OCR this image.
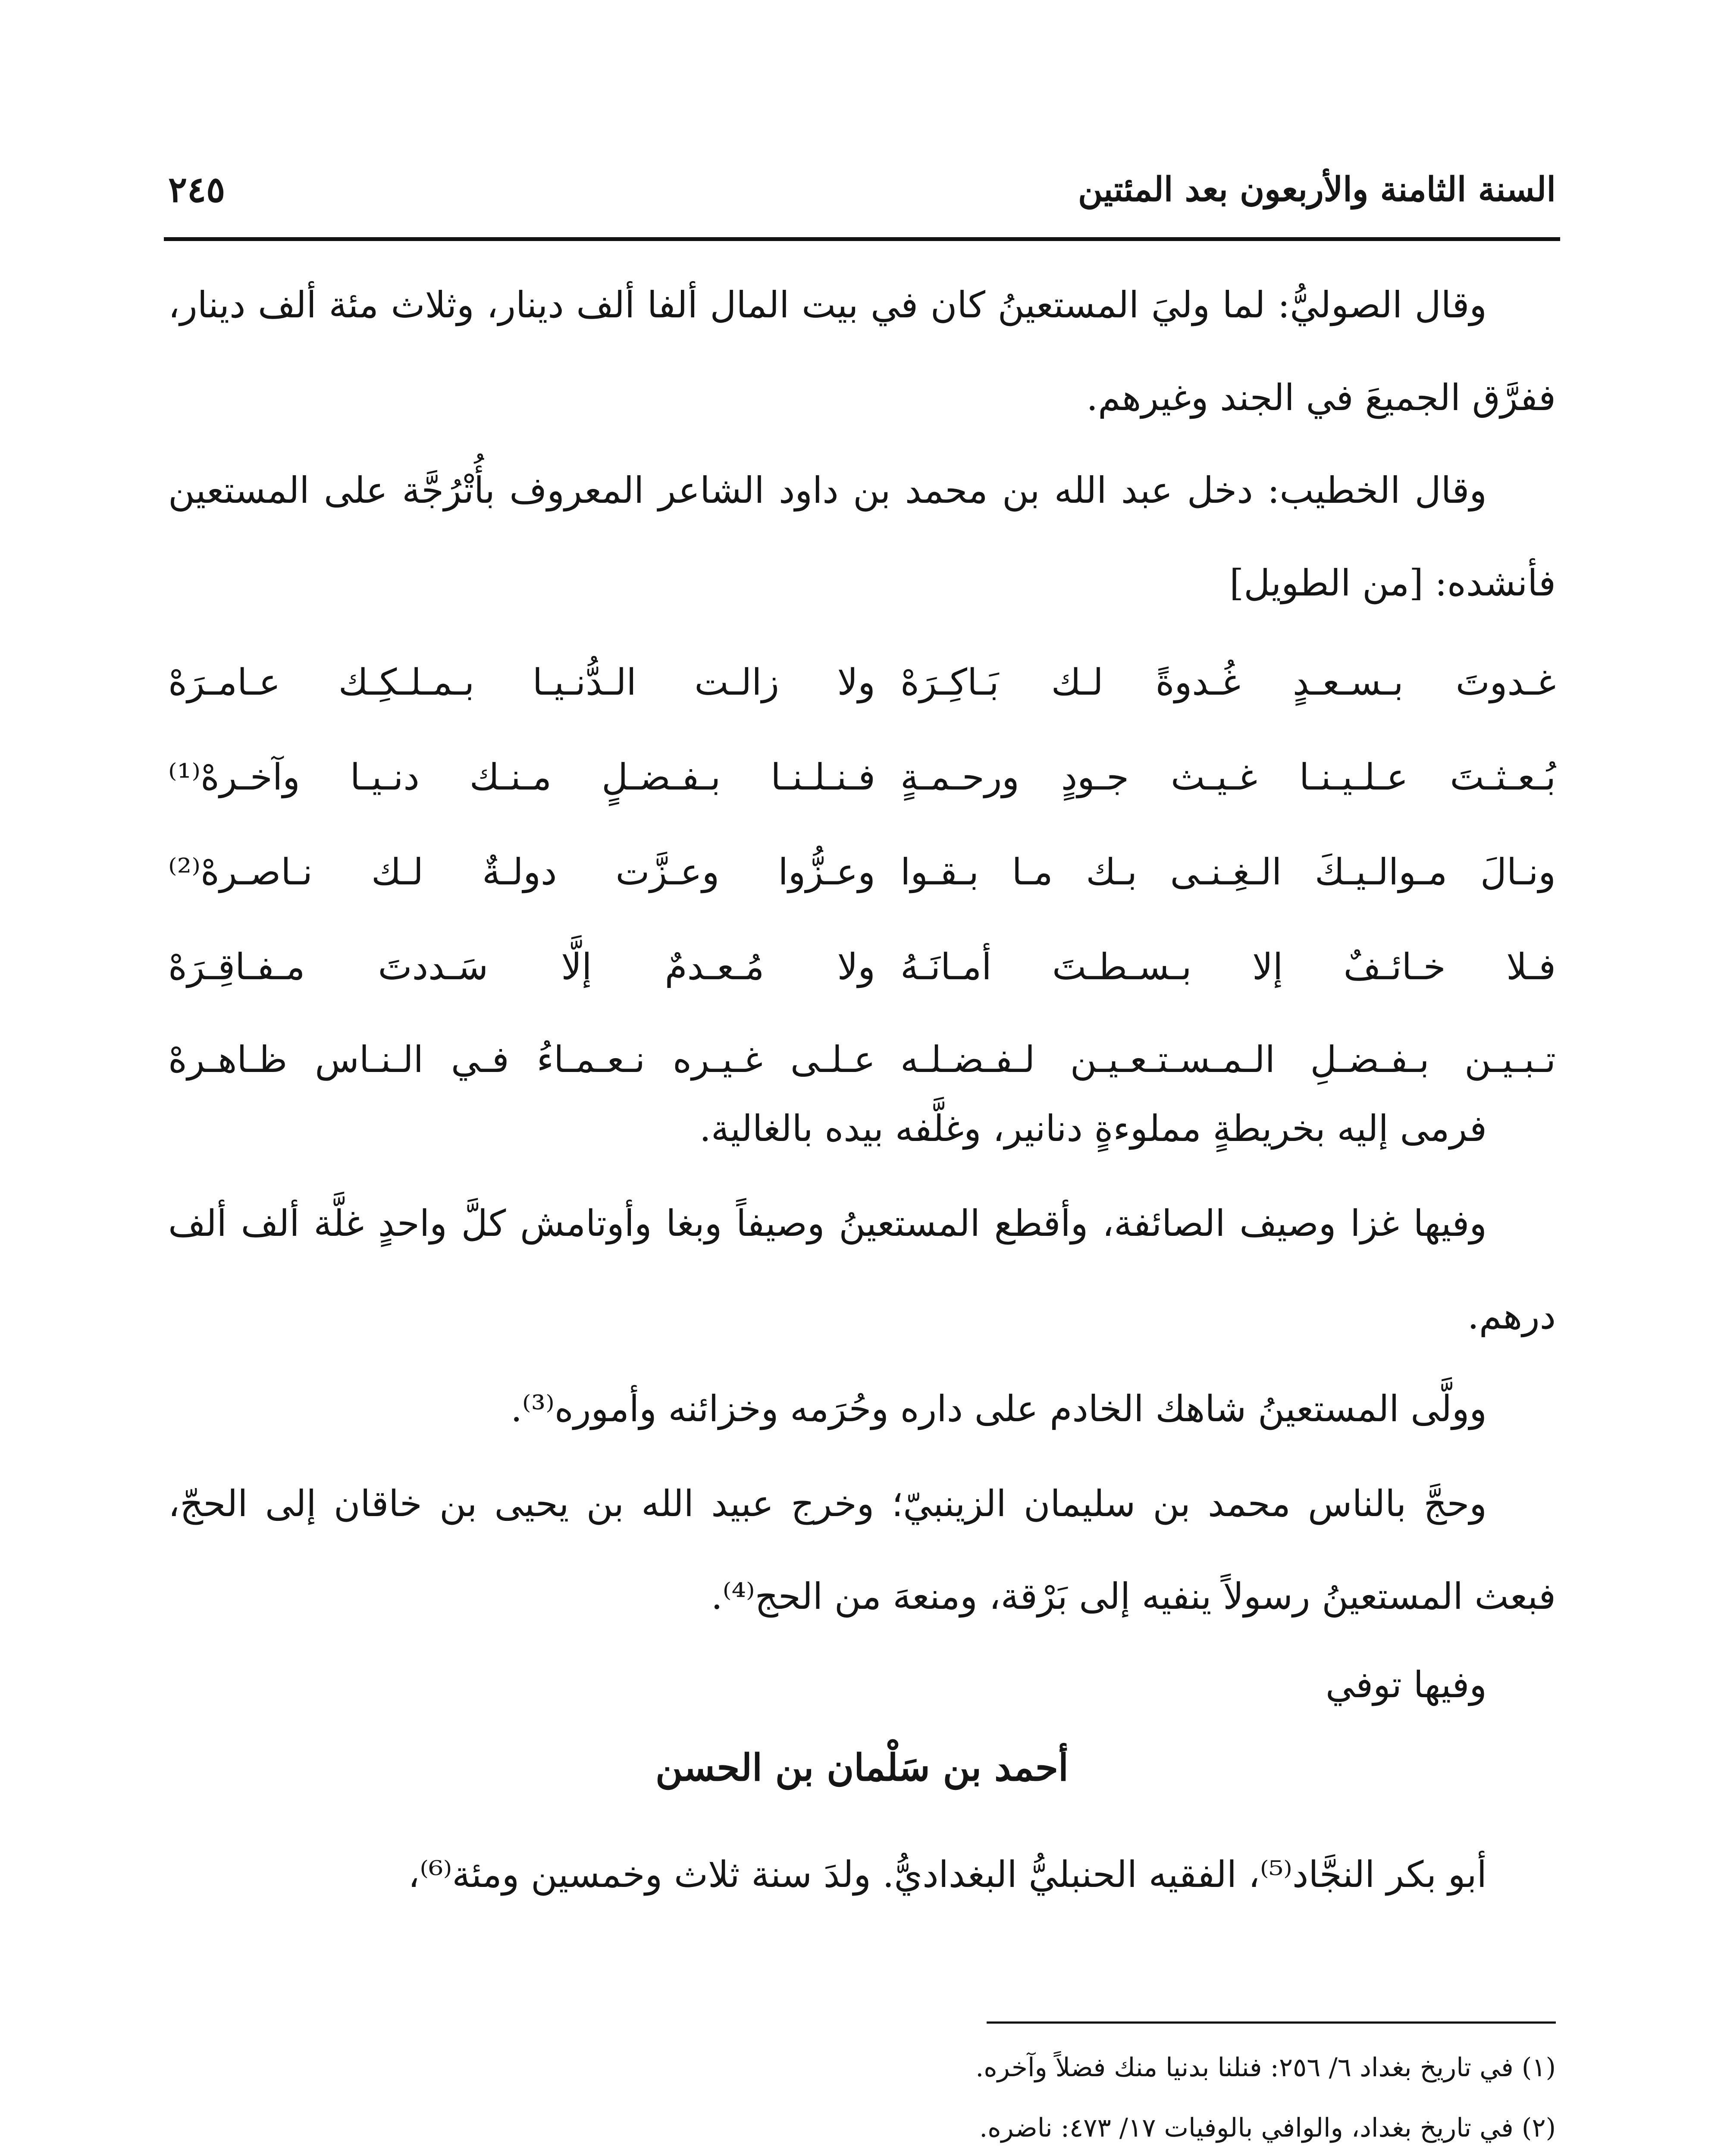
السنة الثامنة والأربعون بعد المئتين
٢٤٥

وقال الصوليُّ: لما وليَ المستعينُ كان في بيت المال ألفا ألف دينار، وثلاث مئة ألف دينار، ففرَّق الجميعَ في الجند وغيرهم.

وقال الخطيب: دخل عبد الله بن محمد بن داود الشاعر المعروف بأُتْرُجَّة على المستعين فأنشده: [من الطويل]

غـدوتَ بـسـعـدٍ غُـدوةً لـك بَـاكِـرَهْ
ولا زالـت الـدُّنـيـا بـمـلـكِـك عـامـرَهْ
بُـعـثـتَ عـلـيـنـا غـيـث جـودٍ ورحـمـةٍ
فـنـلـنـا بـفـضـلٍ مـنـك دنـيـا وآخـرهْ⁽¹⁾
ونـالَ مـوالـيـكَ الـغِـنـى بـك مـا بـقـوا
وعـزُّوا وعـزَّت دولـةٌ لـك نـاصـرهْ⁽²⁾
فـلا خـائـفٌ إلا بـسـطـتَ أمـانَـهُ
ولا مُـعـدمٌ إلَّا سَـددتَ مـفـاقِـرَهْ
تـبـيـن بـفـضـلِ الـمـسـتـعـيـن لـفـضـلـه
عـلـى غـيـره نـعـمـاءُ فـي الـنـاس ظـاهـرهْ

فرمى إليه بخريطةٍ مملوءةٍ دنانير، وغلَّفه بيده بالغالية.

وفيها غزا وصيف الصائفة، وأقطع المستعينُ وصيفاً وبغا وأوتامش كلَّ واحدٍ غلَّة ألف ألف درهم.

وولَّى المستعينُ شاهك الخادم على داره وحُرَمه وخزائنه وأموره⁽³⁾.

وحجَّ بالناس محمد بن سليمان الزينبيّ؛ وخرج عبيد الله بن يحيى بن خاقان إلى الحجّ، فبعث المستعينُ رسولاً ينفيه إلى بَرْقة، ومنعهَ من الحج⁽⁴⁾.

وفيها توفي

أحمد بن سَلْمان بن الحسن

أبو بكر النجَّاد⁽⁵⁾، الفقيه الحنبليُّ البغداديُّ. ولدَ سنة ثلاث وخمسين ومئة⁽⁶⁾،

(١) في تاريخ بغداد ٦/ ٢٥٦: فنلنا بدنيا منك فضلاً وآخره.
(٢) في تاريخ بغداد، والوافي بالوفيات ١٧/ ٤٧٣: ناضره.
